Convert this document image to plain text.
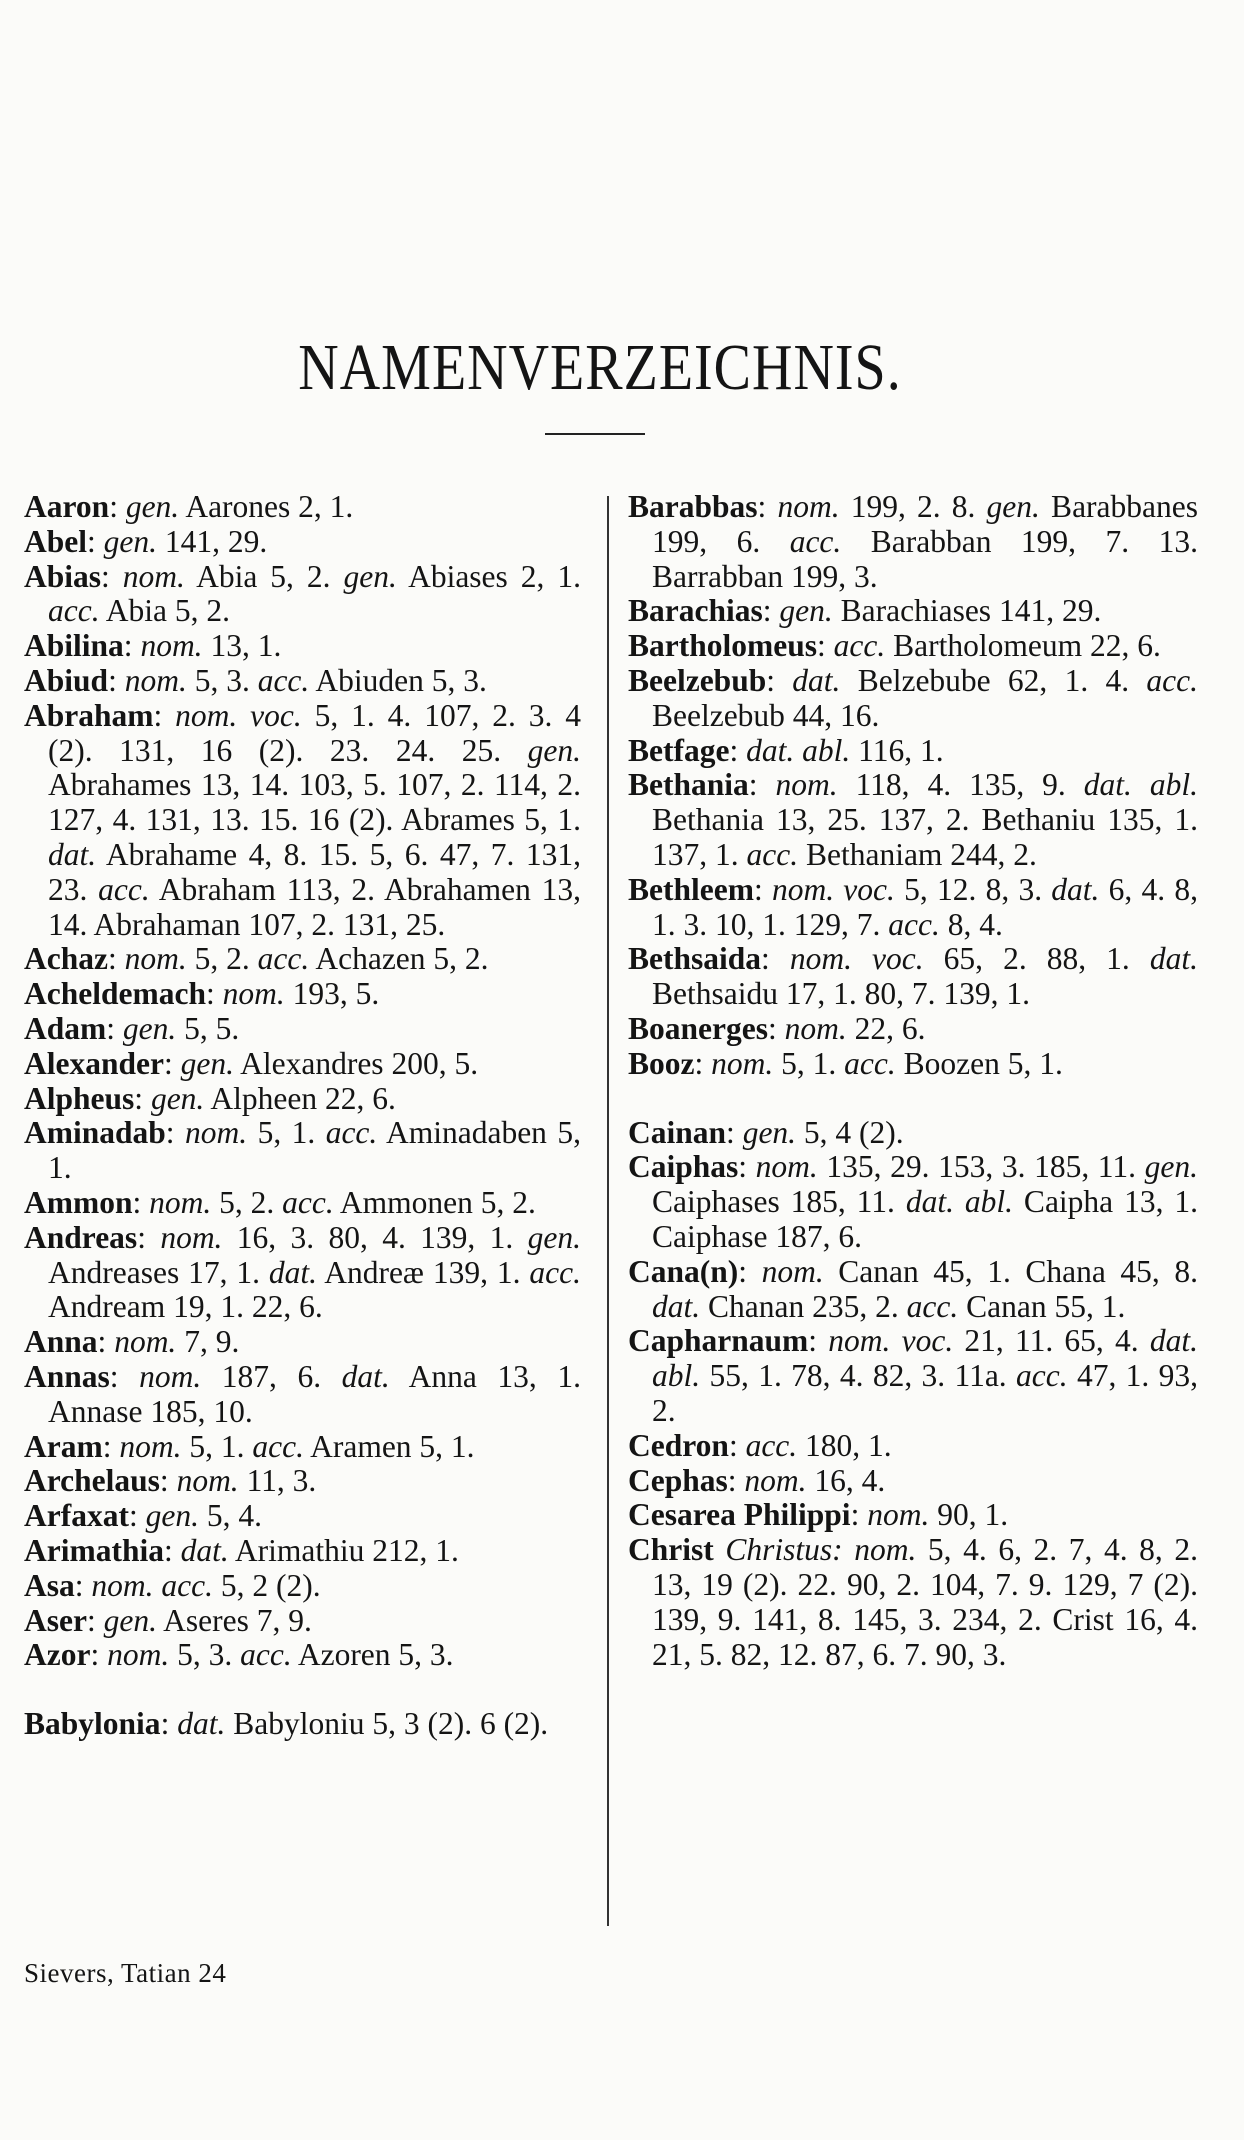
NAMENVERZEICHNIS.

Aaron: gen. Aarones 2, 1.

Abel: gen. 141, 29.

Abias: nom. Abia 5, 2. gen. Abiases 2, 1. acc. Abia 5, 2.

Abilina: nom. 13, 1.

Abiud: nom. 5, 3. acc. Abiuden 5, 3.

Abraham: nom. voc. 5, 1. 4. 107, 2. 3. 4 (2). 131, 16 (2). 23. 24. 25. gen. Abrahames 13, 14. 103, 5. 107, 2. 114, 2. 127, 4. 131, 13. 15. 16 (2). Abrames 5, 1. dat. Abrahame 4, 8. 15. 5, 6. 47, 7. 131, 23. acc. Abraham 113, 2. Abrahamen 13, 14. Abrahaman 107, 2. 131, 25.

Achaz: nom. 5, 2. acc. Achazen 5, 2.

Acheldemach: nom. 193, 5.

Adam: gen. 5, 5.

Alexander: gen. Alexandres 200, 5.

Alpheus: gen. Alpheen 22, 6.

Aminadab: nom. 5, 1. acc. Aminadaben 5, 1.

Ammon: nom. 5, 2. acc. Ammonen 5, 2.

Andreas: nom. 16, 3. 80, 4. 139, 1. gen. Andreases 17, 1. dat. Andreæ 139, 1. acc. Andream 19, 1. 22, 6.

Anna: nom. 7, 9.

Annas: nom. 187, 6. dat. Anna 13, 1. Annase 185, 10.

Aram: nom. 5, 1. acc. Aramen 5, 1.

Archelaus: nom. 11, 3.

Arfaxat: gen. 5, 4.

Arimathia: dat. Arimathiu 212, 1.

Asa: nom. acc. 5, 2 (2).

Aser: gen. Aseres 7, 9.

Azor: nom. 5, 3. acc. Azoren 5, 3.

Babylonia: dat. Babyloniu 5, 3 (2). 6 (2).

Barabbas: nom. 199, 2. 8. gen. Barabbanes 199, 6. acc. Barabban 199, 7. 13. Barrabban 199, 3.

Barachias: gen. Barachiases 141, 29.

Bartholomeus: acc. Bartholomeum 22, 6.

Beelzebub: dat. Belzebube 62, 1. 4. acc. Beelzebub 44, 16.

Betfage: dat. abl. 116, 1.

Bethania: nom. 118, 4. 135, 9. dat. abl. Bethania 13, 25. 137, 2. Bethaniu 135, 1. 137, 1. acc. Bethaniam 244, 2.

Bethleem: nom. voc. 5, 12. 8, 3. dat. 6, 4. 8, 1. 3. 10, 1. 129, 7. acc. 8, 4.

Bethsaida: nom. voc. 65, 2. 88, 1. dat. Bethsaidu 17, 1. 80, 7. 139, 1.

Boanerges: nom. 22, 6.

Booz: nom. 5, 1. acc. Boozen 5, 1.

Cainan: gen. 5, 4 (2).

Caiphas: nom. 135, 29. 153, 3. 185, 11. gen. Caiphases 185, 11. dat. abl. Caipha 13, 1. Caiphase 187, 6.

Cana(n): nom. Canan 45, 1. Chana 45, 8. dat. Chanan 235, 2. acc. Canan 55, 1.

Capharnaum: nom. voc. 21, 11. 65, 4. dat. abl. 55, 1. 78, 4. 82, 3. 11a. acc. 47, 1. 93, 2.

Cedron: acc. 180, 1.

Cephas: nom. 16, 4.

Cesarea Philippi: nom. 90, 1.

Christ Christus: nom. 5, 4. 6, 2. 7, 4. 8, 2. 13, 19 (2). 22. 90, 2. 104, 7. 9. 129, 7 (2). 139, 9. 141, 8. 145, 3. 234, 2. Crist 16, 4. 21, 5. 82, 12. 87, 6. 7. 90, 3.

Sievers, Tatian 24
